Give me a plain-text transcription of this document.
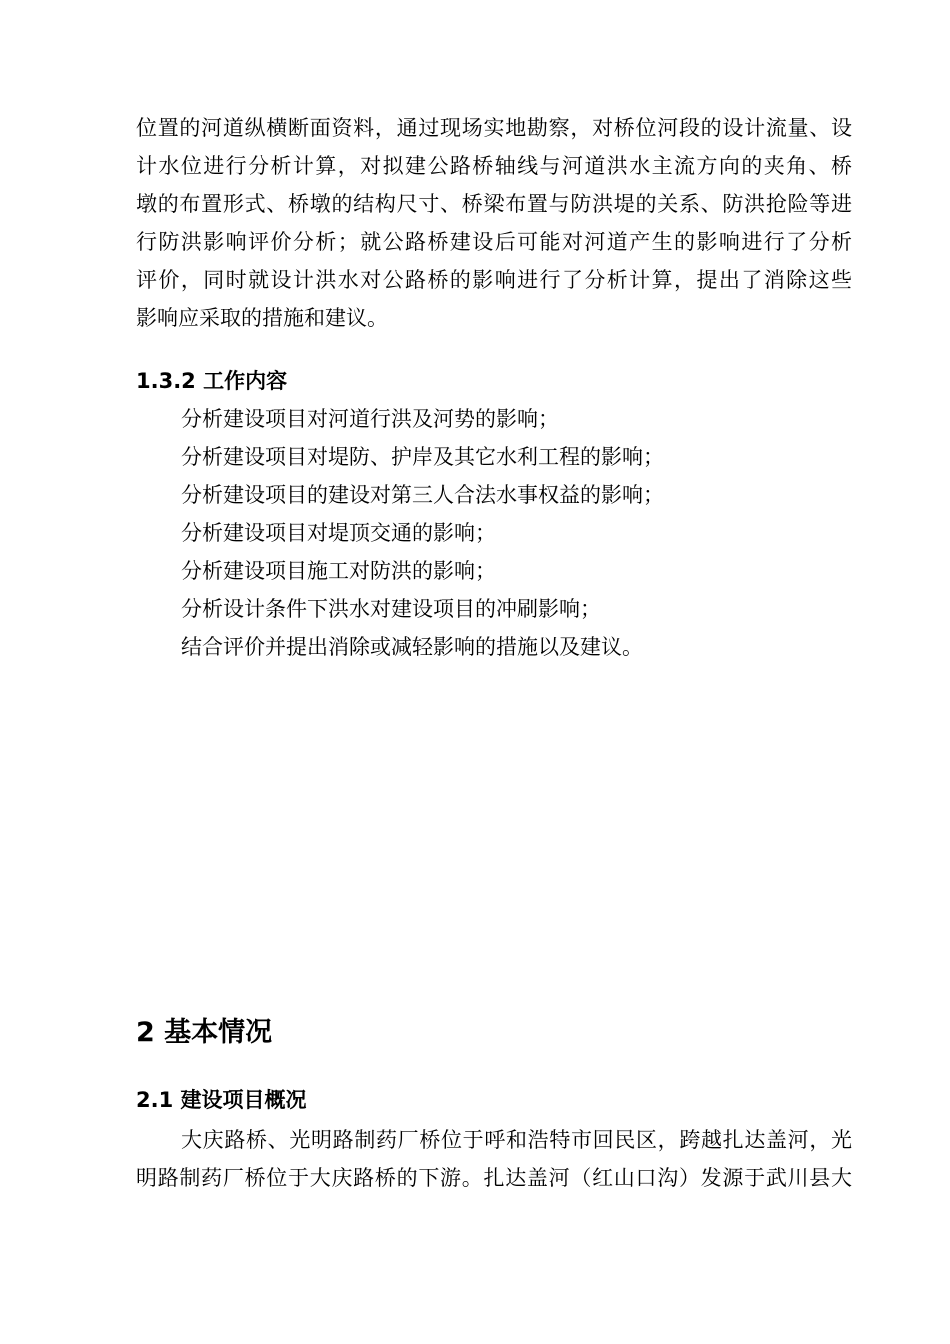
位置的河道纵横断面资料，通过现场实地勘察，对桥位河段的设计流量、设
计水位进行分析计算，对拟建公路桥轴线与河道洪水主流方向的夹角、桥
墩的布置形式、桥墩的结构尺寸、桥梁布置与防洪堤的关系、防洪抢险等进
行防洪影响评价分析；就公路桥建设后可能对河道产生的影响进行了分析
评价，同时就设计洪水对公路桥的影响进行了分析计算，提出了消除这些
影响应采取的措施和建议。
1.3.2 工作内容
分析建设项目对河道行洪及河势的影响；
分析建设项目对堤防、护岸及其它水利工程的影响；
分析建设项目的建设对第三人合法水事权益的影响；
分析建设项目对堤顶交通的影响；
分析建设项目施工对防洪的影响；
分析设计条件下洪水对建设项目的冲刷影响；
结合评价并提出消除或减轻影响的措施以及建议。
2 基本情况
2.1 建设项目概况
大庆路桥、光明路制药厂桥位于呼和浩特市回民区，跨越扎达盖河，光
明路制药厂桥位于大庆路桥的下游。扎达盖河（红山口沟）发源于武川县大
